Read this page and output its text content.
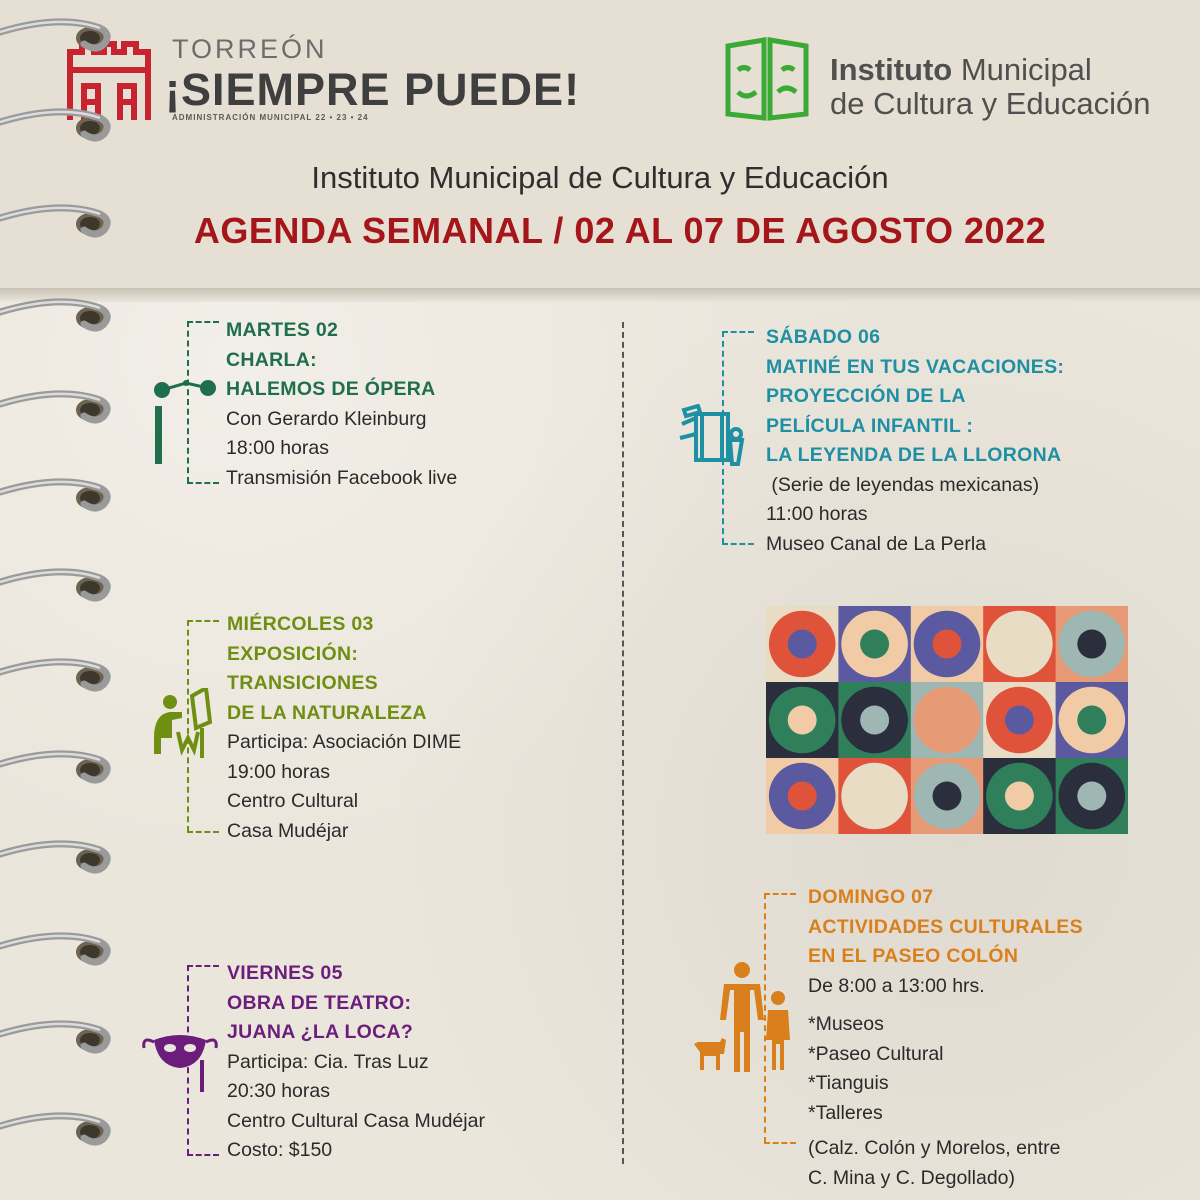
TORREÓN
¡SIEMPRE PUEDE!
ADMINISTRACIÓN MUNICIPAL 22 • 23 • 24
Instituto Municipal
de Cultura y Educación
Instituto Municipal de Cultura y Educación
AGENDA SEMANAL / 02 AL 07 DE AGOSTO 2022
MARTES 02
CHARLA:
HALEMOS DE ÓPERA
Con Gerardo Kleinburg
18:00 horas
Transmisión Facebook live
MIÉRCOLES 03
EXPOSICIÓN:
TRANSICIONES
DE LA NATURALEZA
Participa: Asociación DIME
19:00 horas
Centro Cultural
Casa Mudéjar
VIERNES 05
OBRA DE TEATRO:
JUANA ¿LA LOCA?
Participa: Cia. Tras Luz
20:30 horas
Centro Cultural Casa Mudéjar
Costo: $150
SÁBADO 06
MATINÉ EN TUS VACACIONES:
PROYECCIÓN DE LA
PELÍCULA INFANTIL :
LA LEYENDA DE LA LLORONA
(Serie de leyendas mexicanas)
11:00 horas
Museo Canal de La Perla
DOMINGO 07
ACTIVIDADES CULTURALES
EN EL PASEO COLÓN
De 8:00 a 13:00 hrs.
*Museos
*Paseo Cultural
*Tianguis
*Talleres
(Calz. Colón y Morelos, entre
C. Mina y C. Degollado)
